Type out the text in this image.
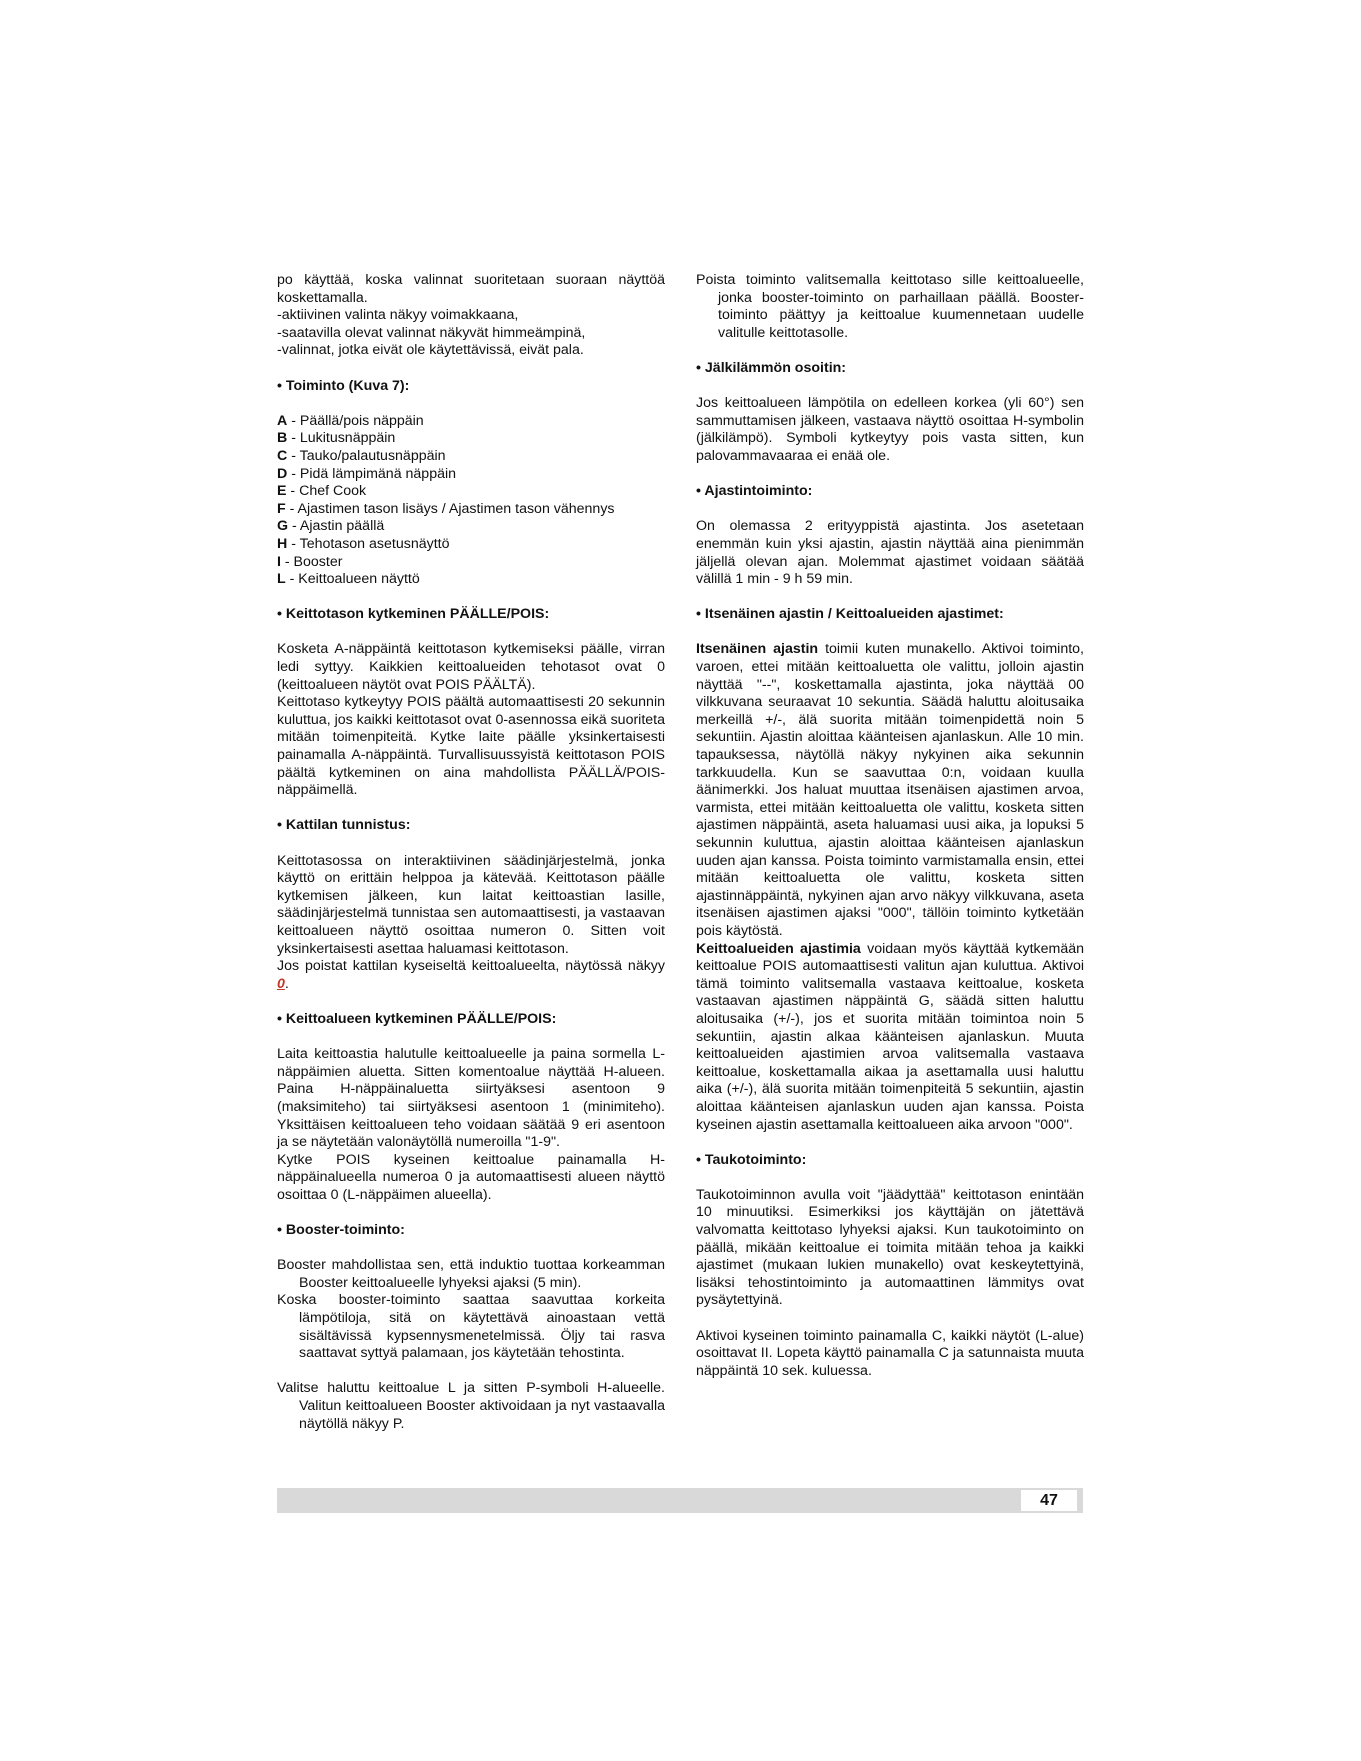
po käyttää, koska valinnat suoritetaan suoraan näyttöä koskettamalla.

-aktiivinen valinta näkyy voimakkaana,

-saatavilla olevat valinnat näkyvät himmeämpinä,

-valinnat, jotka eivät ole käytettävissä, eivät pala.

• Toiminto (Kuva 7):

A - Päällä/pois näppäin

B - Lukitusnäppäin

C - Tauko/palautusnäppäin

D - Pidä lämpimänä näppäin

E - Chef Cook

F - Ajastimen tason lisäys / Ajastimen tason vähennys

G - Ajastin päällä

H - Tehotason asetusnäyttö

I - Booster

L - Keittoalueen näyttö

• Keittotason kytkeminen PÄÄLLE/POIS:

Kosketa A-näppäintä keittotason kytkemiseksi päälle, virran ledi syttyy. Kaikkien keittoalueiden tehotasot ovat 0 (keittoalueen näytöt ovat POIS PÄÄLTÄ).

Keittotaso kytkeytyy POIS päältä automaattisesti 20 sekunnin kuluttua, jos kaikki keittotasot ovat 0-asennossa eikä suoriteta mitään toimenpiteitä. Kytke laite päälle yksinkertaisesti painamalla A-näppäintä. Turvallisuussyistä keittotason POIS päältä kytkeminen on aina mahdollista PÄÄLLÄ/POIS-näppäimellä.

• Kattilan tunnistus:

Keittotasossa on interaktiivinen säädinjärjestelmä, jonka käyttö on erittäin helppoa ja kätevää. Keittotason päälle kytkemisen jälkeen, kun laitat keittoastian lasille, säädinjärjestelmä tunnistaa sen automaattisesti, ja vastaavan keittoalueen näyttö osoittaa numeron 0. Sitten voit yksinkertaisesti asettaa haluamasi keittotason.

Jos poistat kattilan kyseiseltä keittoalueelta, näytössä näkyy 0.

• Keittoalueen kytkeminen PÄÄLLE/POIS:

Laita keittoastia halutulle keittoalueelle ja paina sormella L-näppäimien aluetta. Sitten komentoalue näyttää H-alueen. Paina H-näppäinaluetta siirtyäksesi asentoon 9 (maksimiteho) tai siirtyäksesi asentoon 1 (minimiteho). Yksittäisen keittoalueen teho voidaan säätää 9 eri asentoon ja se näytetään valonäytöllä numeroilla "1-9".

Kytke POIS kyseinen keittoalue painamalla H-näppäinalueella numeroa 0 ja automaattisesti alueen näyttö osoittaa 0 (L-näppäimen alueella).

• Booster-toiminto:

Booster mahdollistaa sen, että induktio tuottaa korkeamman Booster keittoalueelle lyhyeksi ajaksi (5 min).

Koska booster-toiminto saattaa saavuttaa korkeita lämpötiloja, sitä on käytettävä ainoastaan vettä sisältävissä kypsennysmenetelmissä. Öljy tai rasva saattavat syttyä palamaan, jos käytetään tehostinta.

Valitse haluttu keittoalue L ja sitten P-symboli H-alueelle. Valitun keittoalueen Booster aktivoidaan ja nyt vastaavalla näytöllä näkyy P.

Poista toiminto valitsemalla keittotaso sille keittoalueelle, jonka booster-toiminto on parhaillaan päällä. Booster-toiminto päättyy ja keittoalue kuumennetaan uudelle valitulle keittotasolle.

• Jälkilämmön osoitin:

Jos keittoalueen lämpötila on edelleen korkea (yli 60°) sen sammuttamisen jälkeen, vastaava näyttö osoittaa H-symbolin (jälkilämpö). Symboli kytkeytyy pois vasta sitten, kun palovammavaaraa ei enää ole.

• Ajastintoiminto:

On olemassa 2 erityyppistä ajastinta. Jos asetetaan enemmän kuin yksi ajastin, ajastin näyttää aina pienimmän jäljellä olevan ajan. Molemmat ajastimet voidaan säätää välillä 1 min - 9 h 59 min.

• Itsenäinen ajastin / Keittoalueiden ajastimet:

Itsenäinen ajastin toimii kuten munakello. Aktivoi toiminto, varoen, ettei mitään keittoaluetta ole valittu, jolloin ajastin näyttää "--", koskettamalla ajastinta, joka näyttää 00 vilkkuvana seuraavat 10 sekuntia. Säädä haluttu aloitusaika merkeillä +/-, älä suorita mitään toimenpidettä noin 5 sekuntiin. Ajastin aloittaa käänteisen ajanlaskun. Alle 10 min. tapauksessa, näytöllä näkyy nykyinen aika sekunnin tarkkuudella. Kun se saavuttaa 0:n, voidaan kuulla äänimerkki. Jos haluat muuttaa itsenäisen ajastimen arvoa, varmista, ettei mitään keittoaluetta ole valittu, kosketa sitten ajastimen näppäintä, aseta haluamasi uusi aika, ja lopuksi 5 sekunnin kuluttua, ajastin aloittaa käänteisen ajanlaskun uuden ajan kanssa. Poista toiminto varmistamalla ensin, ettei mitään keittoaluetta ole valittu, kosketa sitten ajastinnäppäintä, nykyinen ajan arvo näkyy vilkkuvana, aseta itsenäisen ajastimen ajaksi "000", tällöin toiminto kytketään pois käytöstä.

Keittoalueiden ajastimia voidaan myös käyttää kytkemään keittoalue POIS automaattisesti valitun ajan kuluttua. Aktivoi tämä toiminto valitsemalla vastaava keittoalue, kosketa vastaavan ajastimen näppäintä G, säädä sitten haluttu aloitusaika (+/-), jos et suorita mitään toimintoa noin 5 sekuntiin, ajastin alkaa käänteisen ajanlaskun. Muuta keittoalueiden ajastimien arvoa valitsemalla vastaava keittoalue, koskettamalla aikaa ja asettamalla uusi haluttu aika (+/-), älä suorita mitään toimenpiteitä 5 sekuntiin, ajastin aloittaa käänteisen ajanlaskun uuden ajan kanssa. Poista kyseinen ajastin asettamalla keittoalueen aika arvoon "000".

• Taukotoiminto:

Taukotoiminnon avulla voit "jäädyttää" keittotason enintään 10 minuutiksi. Esimerkiksi jos käyttäjän on jätettävä valvomatta keittotaso lyhyeksi ajaksi. Kun taukotoiminto on päällä, mikään keittoalue ei toimita mitään tehoa ja kaikki ajastimet (mukaan lukien munakello) ovat keskeytettyinä, lisäksi tehostintoiminto ja automaattinen lämmitys ovat pysäytettyinä.

Aktivoi kyseinen toiminto painamalla C, kaikki näytöt (L-alue) osoittavat II. Lopeta käyttö painamalla C ja satunnaista muuta näppäintä 10 sek. kuluessa.

47
